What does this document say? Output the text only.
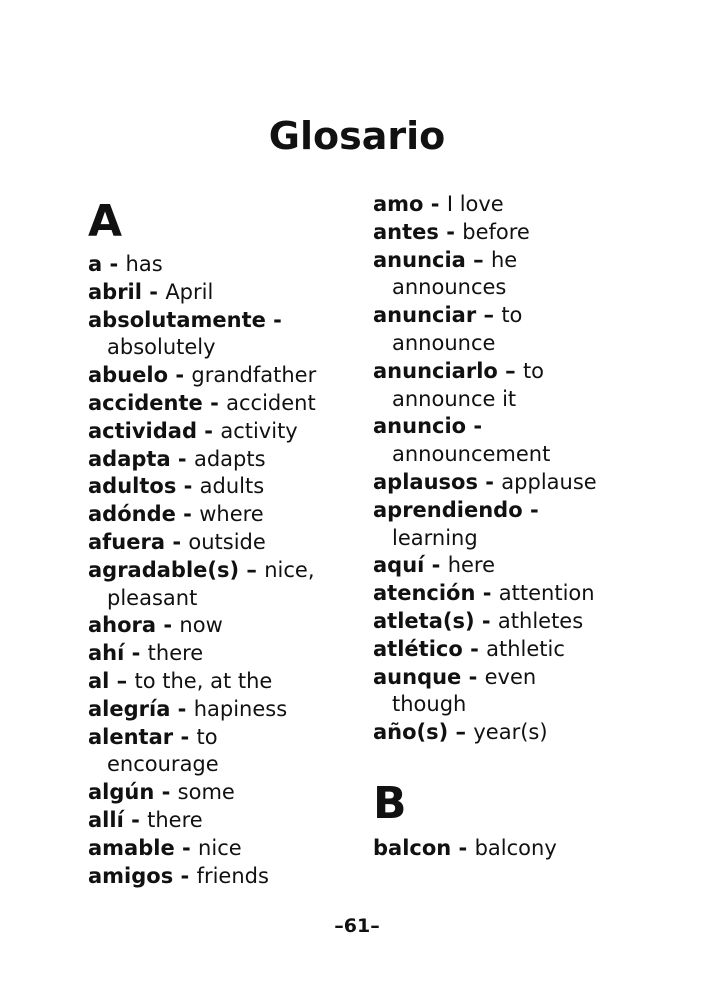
Glosario
A

a - has

abril - April

absolutamente -
absolutely

abuelo - grandfather

accidente - accident

actividad - activity

adapta - adapts

adultos - adults

adónde - where

afuera - outside

agradable(s) – nice,
pleasant

ahora - now

ahí - there

al – to the, at the

alegría - hapiness

alentar - to
encourage

algún - some

allí - there

amable - nice

amigos - friends

amo - I love

antes - before

anuncia – he
announces

anunciar – to
announce

anunciarlo – to
announce it

anuncio -
announcement

aplausos - applause

aprendiendo -
learning

aquí - here

atención - attention

atleta(s) - athletes

atlético - athletic

aunque - even
though

año(s) – year(s)

B

balcon - balcony

–61–
